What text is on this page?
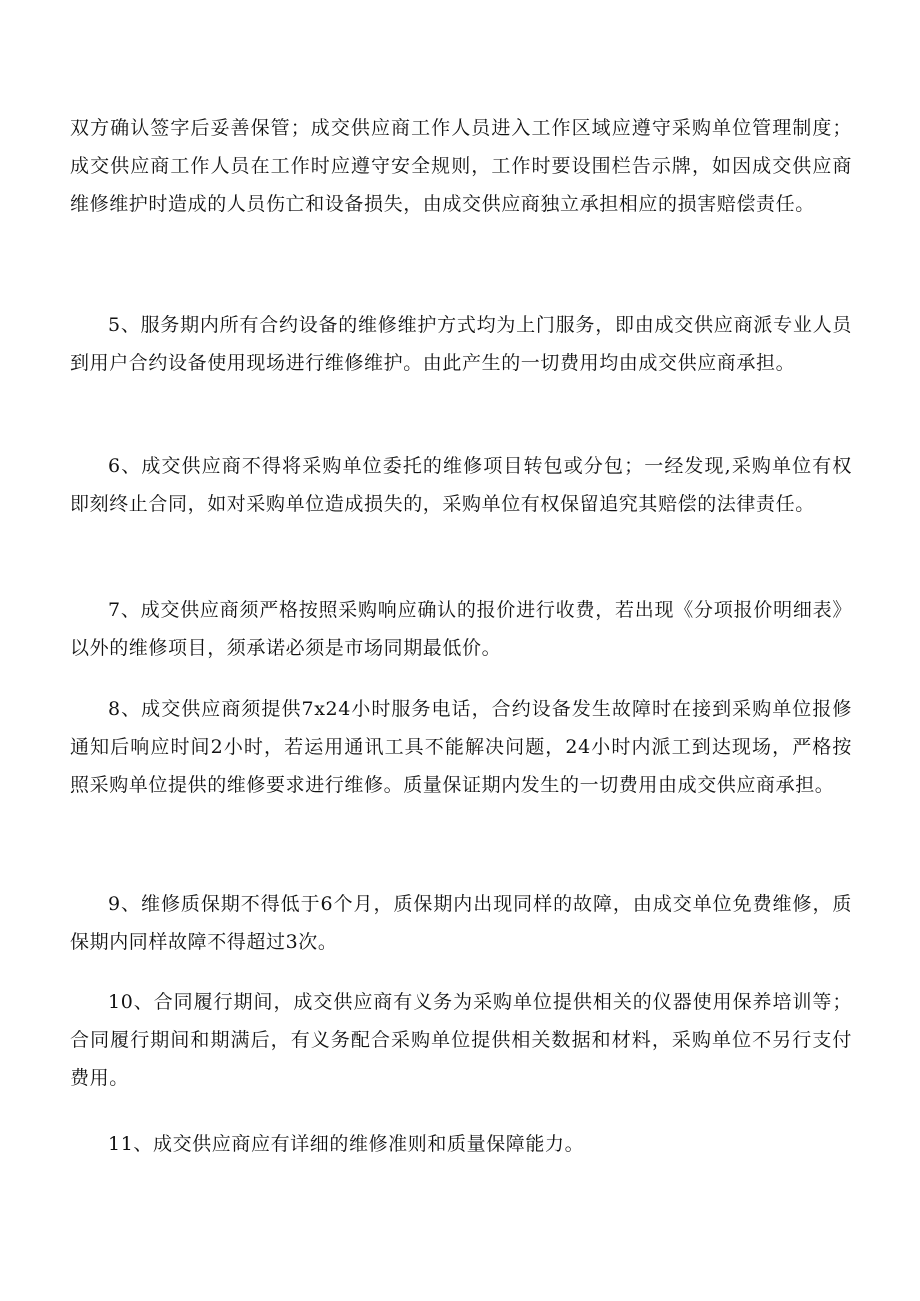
双方确认签字后妥善保管；成交供应商工作人员进入工作区域应遵守采购单位管理制度；成交供应商工作人员在工作时应遵守安全规则，工作时要设围栏告示牌，如因成交供应商维修维护时造成的人员伤亡和设备损失，由成交供应商独立承担相应的损害赔偿责任。

5、服务期内所有合约设备的维修维护方式均为上门服务，即由成交供应商派专业人员到用户合约设备使用现场进行维修维护。由此产生的一切费用均由成交供应商承担。

6、成交供应商不得将采购单位委托的维修项目转包或分包；一经发现,采购单位有权即刻终止合同，如对采购单位造成损失的，采购单位有权保留追究其赔偿的法律责任。

7、成交供应商须严格按照采购响应确认的报价进行收费，若出现《分项报价明细表》以外的维修项目，须承诺必须是市场同期最低价。

8、成交供应商须提供7x24小时服务电话，合约设备发生故障时在接到采购单位报修通知后响应时间2小时，若运用通讯工具不能解决问题，24小时内派工到达现场，严格按照采购单位提供的维修要求进行维修。质量保证期内发生的一切费用由成交供应商承担。

9、维修质保期不得低于6个月，质保期内出现同样的故障，由成交单位免费维修，质保期内同样故障不得超过3次。

10、合同履行期间，成交供应商有义务为采购单位提供相关的仪器使用保养培训等；合同履行期间和期满后，有义务配合采购单位提供相关数据和材料，采购单位不另行支付费用。

11、成交供应商应有详细的维修准则和质量保障能力。
